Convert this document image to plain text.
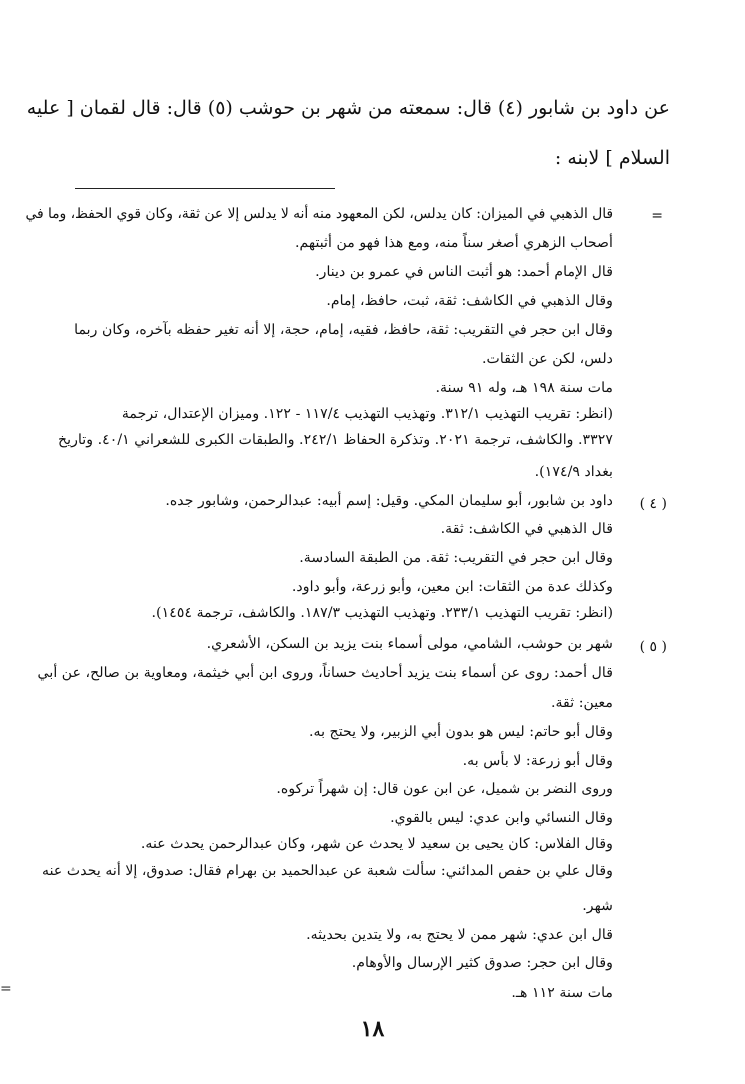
عن داود بن شابور (٤) قال: سمعته من شهر بن حوشب (٥) قال: قال لقمان [ عليه
السلام ] لابنه :
=
قال الذهبي في الميزان: كان يدلس، لكن المعهود منه أنه لا يدلس إلا عن ثقة، وكان قوي الحفظ، وما في
أصحاب الزهري أصغر سناً منه، ومع هذا فهو من أثبتهم.
قال الإمام أحمد: هو أثبت الناس في عمرو بن دينار.
وقال الذهبي في الكاشف: ثقة، ثبت، حافظ، إمام.
وقال ابن حجر في التقريب: ثقة، حافظ، فقيه، إمام، حجة، إلا أنه تغير حفظه بآخره، وكان ربما
دلس، لكن عن الثقات.
مات سنة ١٩٨ هـ، وله ٩١ سنة.
(انظر: تقريب التهذيب ٣١٢/١. وتهذيب التهذيب ١١٧/٤ - ١٢٢. وميزان الإعتدال، ترجمة
٣٣٢٧. والكاشف، ترجمة ٢٠٢١. وتذكرة الحفاظ ٢٤٢/١. والطبقات الكبرى للشعراني ٤٠/١. وتاريخ
بغداد ١٧٤/٩).
( ٤ )
داود بن شابور، أبو سليمان المكي. وقيل: إسم أبيه: عبدالرحمن، وشابور جده.
قال الذهبي في الكاشف: ثقة.
وقال ابن حجر في التقريب: ثقة. من الطبقة السادسة.
وكذلك عدة من الثقات: ابن معين، وأبو زرعة، وأبو داود.
(انظر: تقريب التهذيب ٢٣٣/١. وتهذيب التهذيب ١٨٧/٣. والكاشف، ترجمة ١٤٥٤).
( ٥ )
شهر بن حوشب، الشامي، مولى أسماء بنت يزيد بن السكن، الأشعري.
قال أحمد: روى عن أسماء بنت يزيد أحاديث حساناً، وروى ابن أبي خيثمة، ومعاوية بن صالح، عن أبي
معين: ثقة.
وقال أبو حاتم: ليس هو بدون أبي الزبير، ولا يحتج به.
وقال أبو زرعة: لا بأس به.
وروى النضر بن شميل، عن ابن عون قال: إن شهراً تركوه.
وقال النسائي وابن عدي: ليس بالقوي.
وقال الفلاس: كان يحيى بن سعيد لا يحدث عن شهر، وكان عبدالرحمن يحدث عنه.
وقال علي بن حفص المدائني: سألت شعبة عن عبدالحميد بن بهرام فقال: صدوق، إلا أنه يحدث عنه
شهر.
قال ابن عدي: شهر ممن لا يحتج به، ولا يتدين بحديثه.
وقال ابن حجر: صدوق كثير الإرسال والأوهام.
مات سنة ١١٢ هـ.
=
١٨
